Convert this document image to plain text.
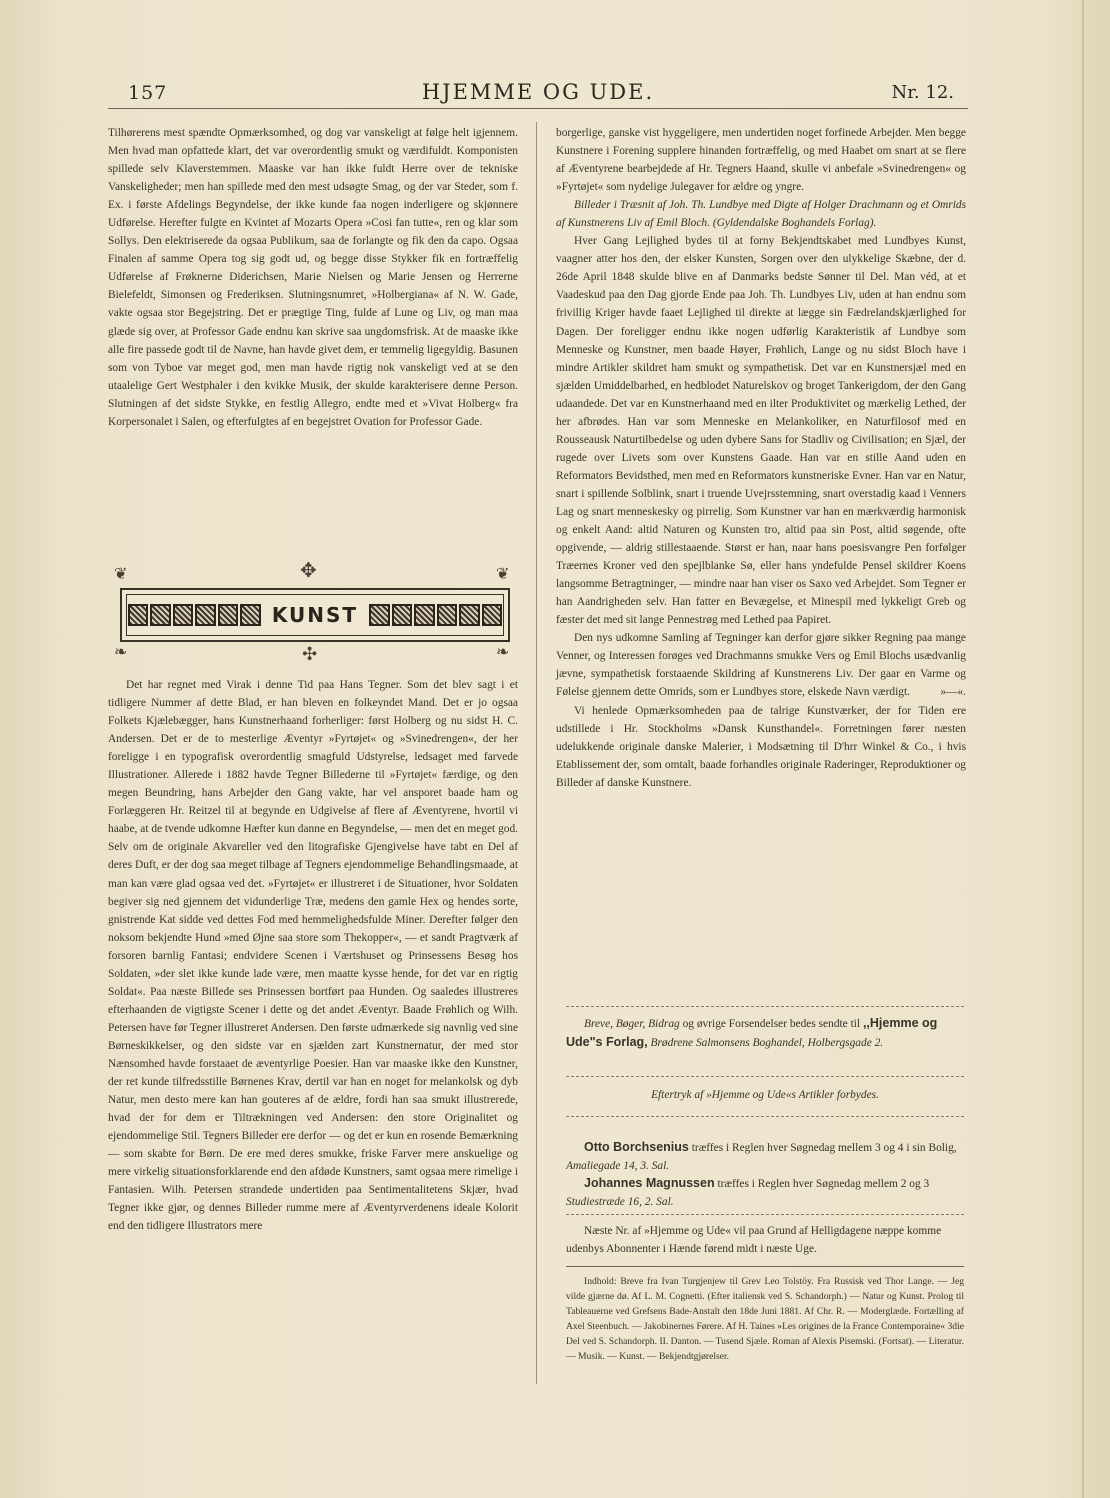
157	HJEMME OG UDE.	Nr. 12.

Tilhørerens mest spændte Opmærksomhed, og dog var vanskeligt at følge helt igjennem. Men hvad man opfattede klart, det var overordentlig smukt og værdifuldt. Komponisten spillede selv Klaverstemmen. Maaske var han ikke fuldt Herre over de tekniske Vanskeligheder; men han spillede med den mest udsøgte Smag, og der var Steder, som f. Ex. i første Afdelings Begyndelse, der ikke kunde faa nogen inderligere og skjønnere Udførelse. Herefter fulgte en Kvintet af Mozarts Opera »Cosi fan tutte«, ren og klar som Sollys. Den elektriserede da ogsaa Publikum, saa de forlangte og fik den da capo. Ogsaa Finalen af samme Opera tog sig godt ud, og begge disse Stykker fik en fortræffelig Udførelse af Frøknerne Diderichsen, Marie Nielsen og Marie Jensen og Herrerne Bielefeldt, Simonsen og Frederiksen. Slutningsnumret, »Holbergiana« af N. W. Gade, vakte ogsaa stor Begejstring. Det er prægtige Ting, fulde af Lune og Liv, og man maa glæde sig over, at Professor Gade endnu kan skrive saa ungdomsfrisk. At de maaske ikke alle fire passede godt til de Navne, han havde givet dem, er temmelig ligegyldig. Basunen som von Tyboe var meget god, men man havde rigtig nok vanskeligt ved at se den utaalelige Gert Westphaler i den kvikke Musik, der skulde karakterisere denne Person. Slutningen af det sidste Stykke, en festlig Allegro, endte med et »Vivat Holberg« fra Korpersonalet i Salen, og efterfulgtes af en begejstret Ovation for Professor Gade.

❦	✥	❦
❧	✣	❧
KUNST

Det har regnet med Virak i denne Tid paa Hans Tegner. Som det blev sagt i et tidligere Nummer af dette Blad, er han bleven en folkeyndet Mand. Det er jo ogsaa Folkets Kjælebægger, hans Kunstnerhaand forherliger: først Holberg og nu sidst H. C. Andersen. Det er de to mesterlige Æventyr »Fyrtøjet« og »Svinedrengen«, der her foreligge i en typografisk overordentlig smagfuld Udstyrelse, ledsaget med farvede Illustrationer. Allerede i 1882 havde Tegner Billederne til »Fyrtøjet« færdige, og den megen Beundring, hans Arbejder den Gang vakte, har vel ansporet baade ham og Forlæggeren Hr. Reitzel til at begynde en Udgivelse af flere af Æventyrene, hvortil vi haabe, at de tvende udkomne Hæfter kun danne en Begyndelse, — men det en meget god. Selv om de originale Akvareller ved den litografiske Gjengivelse have tabt en Del af deres Duft, er der dog saa meget tilbage af Tegners ejendommelige Behandlingsmaade, at man kan være glad ogsaa ved det. »Fyrtøjet« er illustreret i de Situationer, hvor Soldaten begiver sig ned gjennem det vidunderlige Træ, medens den gamle Hex og hendes sorte, gnistrende Kat sidde ved dettes Fod med hemmelighedsfulde Miner. Derefter følger den noksom bekjendte Hund »med Øjne saa store som Thekopper«, — et sandt Pragtværk af forsoren barnlig Fantasi; endvidere Scenen i Værtshuset og Prinsessens Besøg hos Soldaten, »der slet ikke kunde lade være, men maatte kysse hende, for det var en rigtig Soldat«. Paa næste Billede ses Prinsessen bortført paa Hunden. Og saaledes illustreres efterhaanden de vigtigste Scener i dette og det andet Æventyr. Baade Frøhlich og Wilh. Petersen have før Tegner illustreret Andersen. Den første udmærkede sig navnlig ved sine Børneskikkelser, og den sidste var en sjælden zart Kunstnernatur, der med stor Nænsomhed havde forstaaet de æventyrlige Poesier. Han var maaske ikke den Kunstner, der ret kunde tilfredsstille Børnenes Krav, dertil var han en noget for melankolsk og dyb Natur, men desto mere kan han gouteres af de ældre, fordi han saa smukt illustrerede, hvad der for dem er Tiltrækningen ved Andersen: den store Originalitet og ejendommelige Stil. Tegners Billeder ere derfor — og det er kun en rosende Bemærkning — som skabte for Børn. De ere med deres smukke, friske Farver mere anskuelige og mere virkelig situationsforklarende end den afdøde Kunstners, samt ogsaa mere rimelige i Fantasien. Wilh. Petersen strandede undertiden paa Sentimentalitetens Skjær, hvad Tegner ikke gjør, og dennes Billeder rumme mere af Æventyrverdenens ideale Kolorit end den tidligere Illustrators mere

borgerlige, ganske vist hyggeligere, men undertiden noget forfinede Arbejder. Men begge Kunstnere i Forening supplere hinanden fortræffelig, og med Haabet om snart at se flere af Æventyrene bearbejdede af Hr. Tegners Haand, skulle vi anbefale »Svinedrengen« og »Fyrtøjet« som nydelige Julegaver for ældre og yngre.

Billeder i Træsnit af Joh. Th. Lundbye med Digte af Holger Drachmann og et Omrids af Kunstnerens Liv af Emil Bloch. (Gyldendalske Boghandels Forlag).

Hver Gang Lejlighed bydes til at forny Bekjendtskabet med Lundbyes Kunst, vaagner atter hos den, der elsker Kunsten, Sorgen over den ulykkelige Skæbne, der d. 26de April 1848 skulde blive en af Danmarks bedste Sønner til Del. Man véd, at et Vaadeskud paa den Dag gjorde Ende paa Joh. Th. Lundbyes Liv, uden at han endnu som frivillig Kriger havde faaet Lejlighed til direkte at lægge sin Fædrelandskjærlighed for Dagen. Der foreligger endnu ikke nogen udførlig Karakteristik af Lundbye som Menneske og Kunstner, men baade Høyer, Frøhlich, Lange og nu sidst Bloch have i mindre Artikler skildret ham smukt og sympathetisk. Det var en Kunstnersjæl med en sjælden Umiddelbarhed, en hedblodet Naturelskov og broget Tankerigdom, der den Gang udaandede. Det var en Kunstnerhaand med en ilter Produktivitet og mærkelig Lethed, der her afbrødes. Han var som Menneske en Melankoliker, en Naturfilosof med en Rousseausk Naturtilbedelse og uden dybere Sans for Stadliv og Civilisation; en Sjæl, der rugede over Livets som over Kunstens Gaade. Han var en stille Aand uden en Reformators Bevidsthed, men med en Reformators kunstneriske Evner. Han var en Natur, snart i spillende Solblink, snart i truende Uvejrsstemning, snart overstadig kaad i Venners Lag og snart menneskesky og pirrelig. Som Kunstner var han en mærkværdig harmonisk og enkelt Aand: altid Naturen og Kunsten tro, altid paa sin Post, altid søgende, ofte opgivende, — aldrig stillestaaende. Størst er han, naar hans poesisvangre Pen forfølger Træernes Kroner ved den spejlblanke Sø, eller hans yndefulde Pensel skildrer Koens langsomme Betragtninger, — mindre naar han viser os Saxo ved Arbejdet. Som Tegner er han Aandrigheden selv. Han fatter en Bevægelse, et Minespil med lykkeligt Greb og fæster det med sit lange Pennestrøg med Lethed paa Papiret.

Den nys udkomne Samling af Tegninger kan derfor gjøre sikker Regning paa mange Venner, og Interessen forøges ved Drachmanns smukke Vers og Emil Blochs usædvanlig jævne, sympathetisk forstaaende Skildring af Kunstnerens Liv. Der gaar en Varme og Følelse gjennem dette Omrids, som er Lundbyes store, elskede Navn værdigt.	»—«.

Vi henlede Opmærksomheden paa de talrige Kunstværker, der for Tiden ere udstillede i Hr. Stockholms »Dansk Kunsthandel«. Forretningen fører næsten udelukkende originale danske Malerier, i Modsætning til D'hrr Winkel & Co., i hvis Etablissement der, som omtalt, baade forhandles originale Raderinger, Reproduktioner og Billeder af danske Kunstnere.

Breve, Bøger, Bidrag og øvrige Forsendelser bedes sendte til ,,Hjemme og Ude"s Forlag, Brødrene Salmonsens Boghandel, Holbergsgade 2.

Eftertryk af »Hjemme og Ude«s Artikler forbydes.

Otto Borchsenius træffes i Reglen hver Søgnedag mellem 3 og 4 i sin Bolig, Amaliegade 14, 3. Sal.

Johannes Magnussen træffes i Reglen hver Søgnedag mellem 2 og 3 Studiestræde 16, 2. Sal.

Næste Nr. af »Hjemme og Ude« vil paa Grund af Helligdagene næppe komme udenbys Abonnenter i Hænde førend midt i næste Uge.
Indhold: Breve fra Ivan Turgjenjew til Grev Leo Tolstöy. Fra Russisk ved Thor Lange. — Jeg vilde gjærne dø. Af L. M. Cognetti. (Efter italiensk ved S. Schandorph.) — Natur og Kunst. Prolog til Tableauerne ved Grefsens Bade-Anstalt den 18de Juni 1881. Af Chr. R. — Moderglæde. Fortælling af Axel Steenbuch. — Jakobinernes Førere. Af H. Taines »Les origines de la France Contemporaine« 3die Del ved S. Schandorph. II. Danton. — Tusend Sjæle. Roman af Alexis Pisemski. (Fortsat). — Literatur. — Musik. — Kunst. — Bekjendtgjørelser.
